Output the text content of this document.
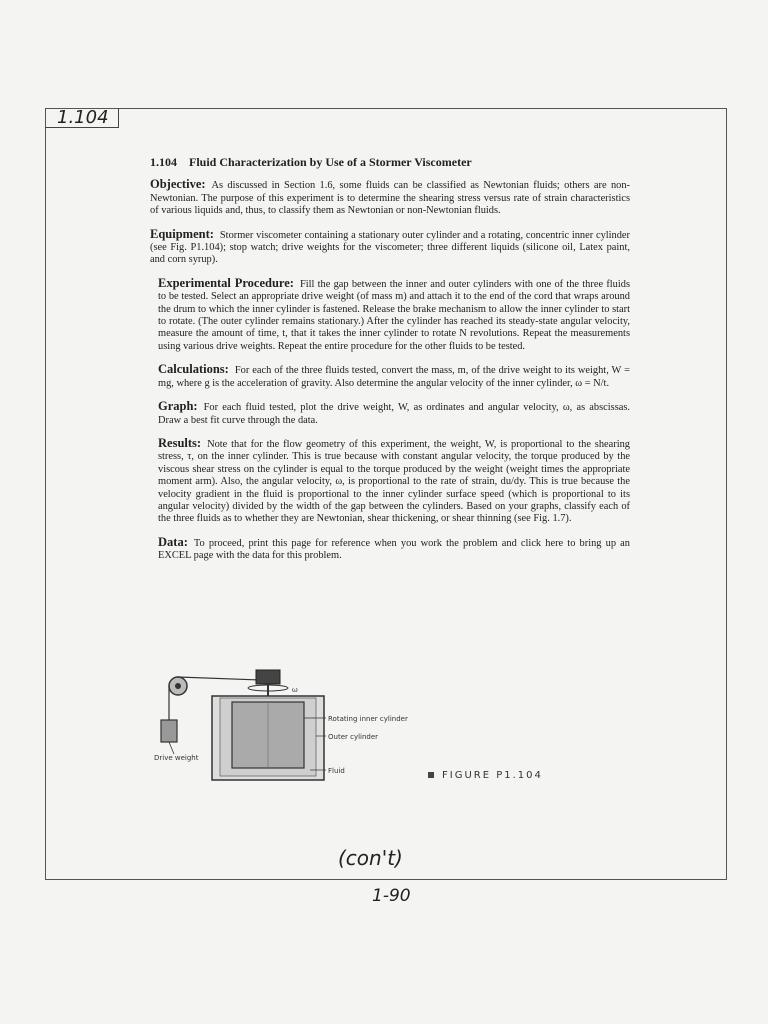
1.104
1.104 Fluid Characterization by Use of a Stormer Viscometer
Objective: As discussed in Section 1.6, some fluids can be classified as Newtonian fluids; others are non-Newtonian. The purpose of this experiment is to determine the shearing stress versus rate of strain characteristics of various liquids and, thus, to classify them as Newtonian or non-Newtonian fluids.
Equipment: Stormer viscometer containing a stationary outer cylinder and a rotating, concentric inner cylinder (see Fig. P1.104); stop watch; drive weights for the viscometer; three different liquids (silicone oil, Latex paint, and corn syrup).
Experimental Procedure: Fill the gap between the inner and outer cylinders with one of the three fluids to be tested. Select an appropriate drive weight (of mass m) and attach it to the end of the cord that wraps around the drum to which the inner cylinder is fastened. Release the brake mechanism to allow the inner cylinder to start to rotate. (The outer cylinder remains stationary.) After the cylinder has reached its steady-state angular velocity, measure the amount of time, t, that it takes the inner cylinder to rotate N revolutions. Repeat the measurements using various drive weights. Repeat the entire procedure for the other fluids to be tested.
Calculations: For each of the three fluids tested, convert the mass, m, of the drive weight to its weight, W = mg, where g is the acceleration of gravity. Also determine the angular velocity of the inner cylinder, ω = N/t.
Graph: For each fluid tested, plot the drive weight, W, as ordinates and angular velocity, ω, as abscissas. Draw a best fit curve through the data.
Results: Note that for the flow geometry of this experiment, the weight, W, is proportional to the shearing stress, τ, on the inner cylinder. This is true because with constant angular velocity, the torque produced by the viscous shear stress on the cylinder is equal to the torque produced by the weight (weight times the appropriate moment arm). Also, the angular velocity, ω, is proportional to the rate of strain, du/dy. This is true because the velocity gradient in the fluid is proportional to the inner cylinder surface speed (which is proportional to its angular velocity) divided by the width of the gap between the cylinders. Based on your graphs, classify each of the three fluids as to whether they are Newtonian, shear thickening, or shear thinning (see Fig. 1.7).
Data: To proceed, print this page for reference when you work the problem and click here to bring up an EXCEL page with the data for this problem.
Drive weight
ω
Rotating inner cylinder
Outer cylinder
Fluid	FIGURE P1.104
(con't)
1-90
